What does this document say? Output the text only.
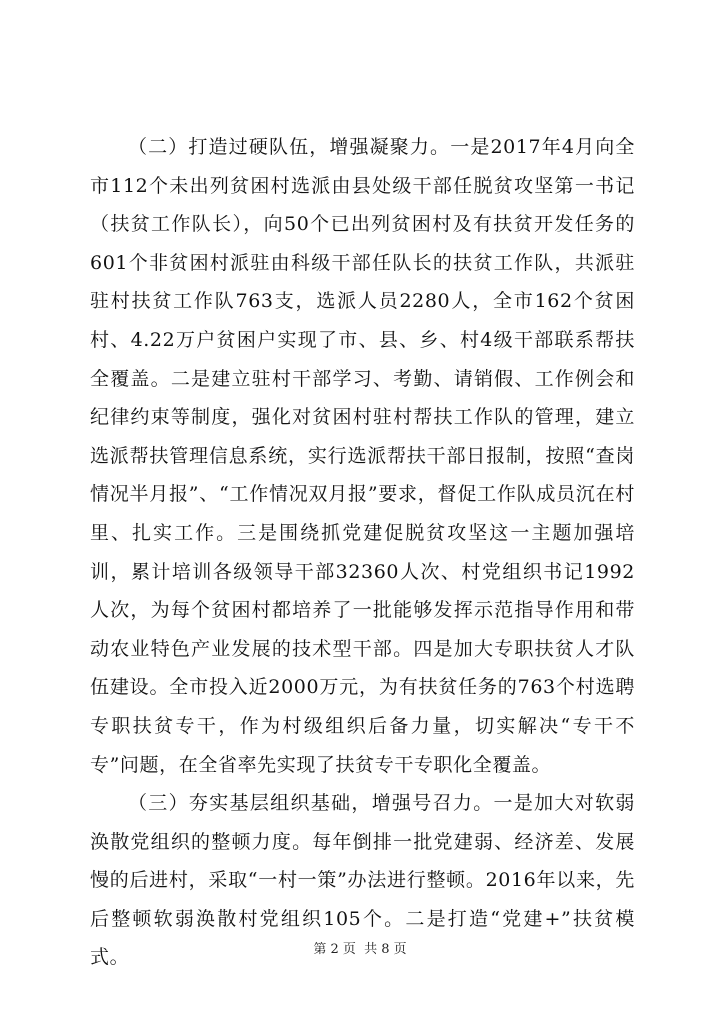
（二）打造过硬队伍，增强凝聚力。一是2017年4月向全市112个未出列贫困村选派由县处级干部任脱贫攻坚第一书记（扶贫工作队长），向50个已出列贫困村及有扶贫开发任务的601个非贫困村派驻由科级干部任队长的扶贫工作队，共派驻驻村扶贫工作队763支，选派人员2280人，全市162个贫困村、4.22万户贫困户实现了市、县、乡、村4级干部联系帮扶全覆盖。二是建立驻村干部学习、考勤、请销假、工作例会和纪律约束等制度，强化对贫困村驻村帮扶工作队的管理，建立选派帮扶管理信息系统，实行选派帮扶干部日报制，按照“查岗情况半月报”、“工作情况双月报”要求，督促工作队成员沉在村里、扎实工作。三是围绕抓党建促脱贫攻坚这一主题加强培训，累计培训各级领导干部32360人次、村党组织书记1992人次，为每个贫困村都培养了一批能够发挥示范指导作用和带动农业特色产业发展的技术型干部。四是加大专职扶贫人才队伍建设。全市投入近2000万元，为有扶贫任务的763个村选聘专职扶贫专干，作为村级组织后备力量，切实解决“专干不专”问题，在全省率先实现了扶贫专干专职化全覆盖。

（三）夯实基层组织基础，增强号召力。一是加大对软弱涣散党组织的整顿力度。每年倒排一批党建弱、经济差、发展慢的后进村，采取“一村一策”办法进行整顿。2016年以来，先后整顿软弱涣散村党组织105个。二是打造“党建+”扶贫模式。	第 2 页 共 8 页
